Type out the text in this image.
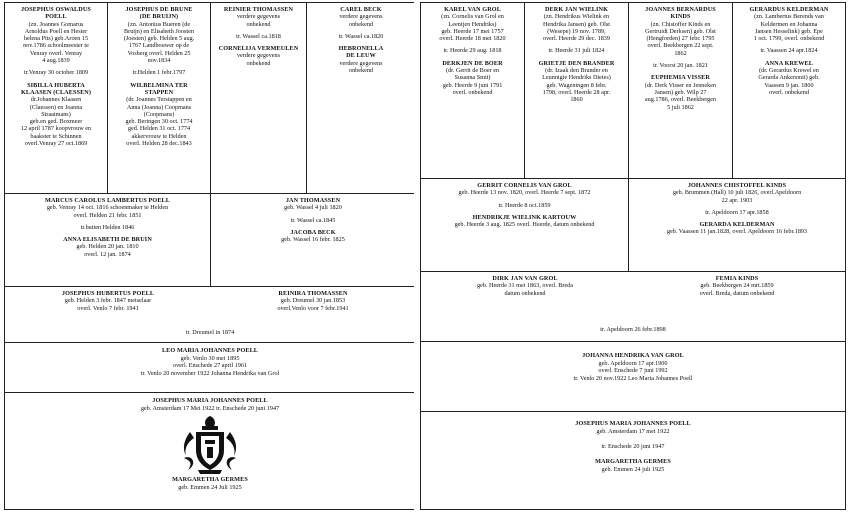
JOSEPHUS OSWALDUS
POELL
(zn. Joannes Gomarus
Arnoldus Poell en Hester
helena Pits) geb.Aroen 15
nov.1786 schoolmeester te
Venray overl. Venray
4 aug.1839
tr.Venray 30 october 1809
SIBILLA HUBERTA
KLAASEN (CLAESSEN)
dr.Johannes Klaasen
(Claessen) en Joanna
Straatmans)
geb.en ged. Boxmeer
12 april 1787 koopvrouw en
baakster te Schinnen
overl.Venray 27 oct.1869
JOSEPHUS DE BRUNE
(DE BRUIJN)
(zn. Antonius Bueren (de
Bruijn) en Elisabeth Joosten
(Joesten) geb. Helden 5 aug.
1767 Landbouwer op de
Vosberg overl. Helden 25
nov.1834
tr.Helden 1 febr.1797
WILBELMINA TER
STAPPEN
(dr. Joannes Terstappen en
Anna (Joanna) Coopmans
(Coopmans)
geb. Beringen 30 oct. 1774
ged. Helden 31 oct. 1774
akkervrouw te Helden
overl. Helden 28 dec.1843
REINIER THOMASSEN
verdere gegevens
onbekend
tr. Wassel ca.1818
CORNELIJA VERMEULEN
verdere gegevens
onbekend
CAREL BECK
verdere gegevens
onbekend
tr. Wassel ca.1820
HEBRONELLA
DE LEUW
verdere gegevens
onbekend
MARCUS CAROLUS LAMBERTUS POELL
geb. Venray 14 oct. 1816 schoenmaker te Helden
overl. Helden 21 febr. 1851
tr.buiten Helden 1846
ANNA ELISABETH DE BRUIN
geb. Helden 20 jan. 1810
overl. 12 jan. 1874
JAN THOMASSEN
geb. Wassel 4 juli 1820
tr. Wassel ca.1845
JACOBA BECK
geb. Wassel 16 febr. 1825
JOSEPHUS HUBERTUS POELL
geb. Helden 3 febr. 1847 metselaar
overl. Venlo 7 febr. 1941
REINIRA THOMASSEN
geb. Dreumel 30 jan.1853
overl.Venlo voor 7 febr.1941
tr. Dreumel in 1874
LEO MARIA JOHANNES POELL
geb. Venlo 30 mei 1895
overl. Enschede 27 april 1961
tr. Venlo 20 november 1922 Johanna Hendrika van Grol
JOSEPHUS MARIA JOHANNES POELL
geb. Amsterdam 17 Mei 1922 tr. Enschede 20 juni 1947
MARGARETHA GERMES
geb. Emmen 24 Juli 1925
KAREL VAN GROL
(zn. Cornelis van Grol en
Leentjen Hendriks)
geb. Heerde 17 mei 1757
overl. Heerde 18 mei 1820
tr. Heerde 29 aug. 1818
DERKJEN DE BOER
(dr. Gerrit de Boer en
Susanna Smit)
geb. Heerde 9 juni 1791
overl. onbekend
DERK JAN WIELINK
(zn. Hendrikus Wielink en
Hendrika Jansen) geb. Olst
(Wesepe) 19 nov. 1789,
overl. Heerde 29 dec. 1839
tr. Heerde 31 juli 1824
GRIETJE DEN BRANDER
(dr. Izaak den Brander en
Leunnigie Hendriks Dietes)
geb. Wageningen 8 febr.
1798, overl. Heerde 28 apr.
1860
JOANNES BERNARDUS
KINDS
(zn. Chistoffer Kinds en
Gertruidt Derksen) geb. Olst
(Hengforden) 27 febr. 1795
overl. Beekbergen 22 sept.
1862
tr. Voorst 20 jan. 1821
EUPHEMIA VISSER
(dr. Derk Visser en Jenneken
Jansen) geb. Wilp 27
aug.1786, overl. Beekbergen
5 juli 1862
GERARDUS KELDERMAN
(zn. Lambertus Berends van
Keldermen en Johanna
Jansen Hesselink) geb. Epe
1 oct. 1799, overl. onbekend
tr. Vaassen 24 apr.1824
ANNA KREWEL
(dr. Gerardus Krewel en
Gerarda Ankersmit) geb.
Vaassen 9 jan. 1800
overl. onbekend
GERRIT CORNELIS VAN GROL
geb. Heerde 13 nov. 1820, overl. Heerde 7 sept. 1872
tr. Heerde 8 oct.1859
HENDRIKJE WIELINK KARTOUW
geb. Heerde 3 aug. 1825 overl. Heerde, datum onbekend
JOHANNES CHISTOFFEL KINDS
geb. Brummen (Hall) 10 juli 1826, overl.Apeldoorn
22 apr. 1903
tr. Apeldoorn 17 apr.1858
GERARDA KELDERMAN
geb. Vaassen 11 jan.1828, overl. Apeldoorn 16 febr.1893
DIRK JAN VAN GROL
geb. Heerde 31 mei 1863, overl. Breda
datum onbekend
FEMIA KINDS
geb. Beekbergen 24 mrt.1859
overl. Breda, datum onbekend
tr. Apeldoorn 26 febr.1898
JOHANNA HENDRIKA VAN GROL
geb. Apeldoorn 17 apr.1900
overl. Enschede 7 juni 1992
tr. Venlo 20 nov.1922 Leo Maria Johannes Poell
JOSEPHUS MARIA JOHANNES POELL
geb. Amsterdam 17 mei 1922

tr. Enschede 20 juni 1947

MARGARETHA GERMES
geb. Emmen 24 juli 1925
